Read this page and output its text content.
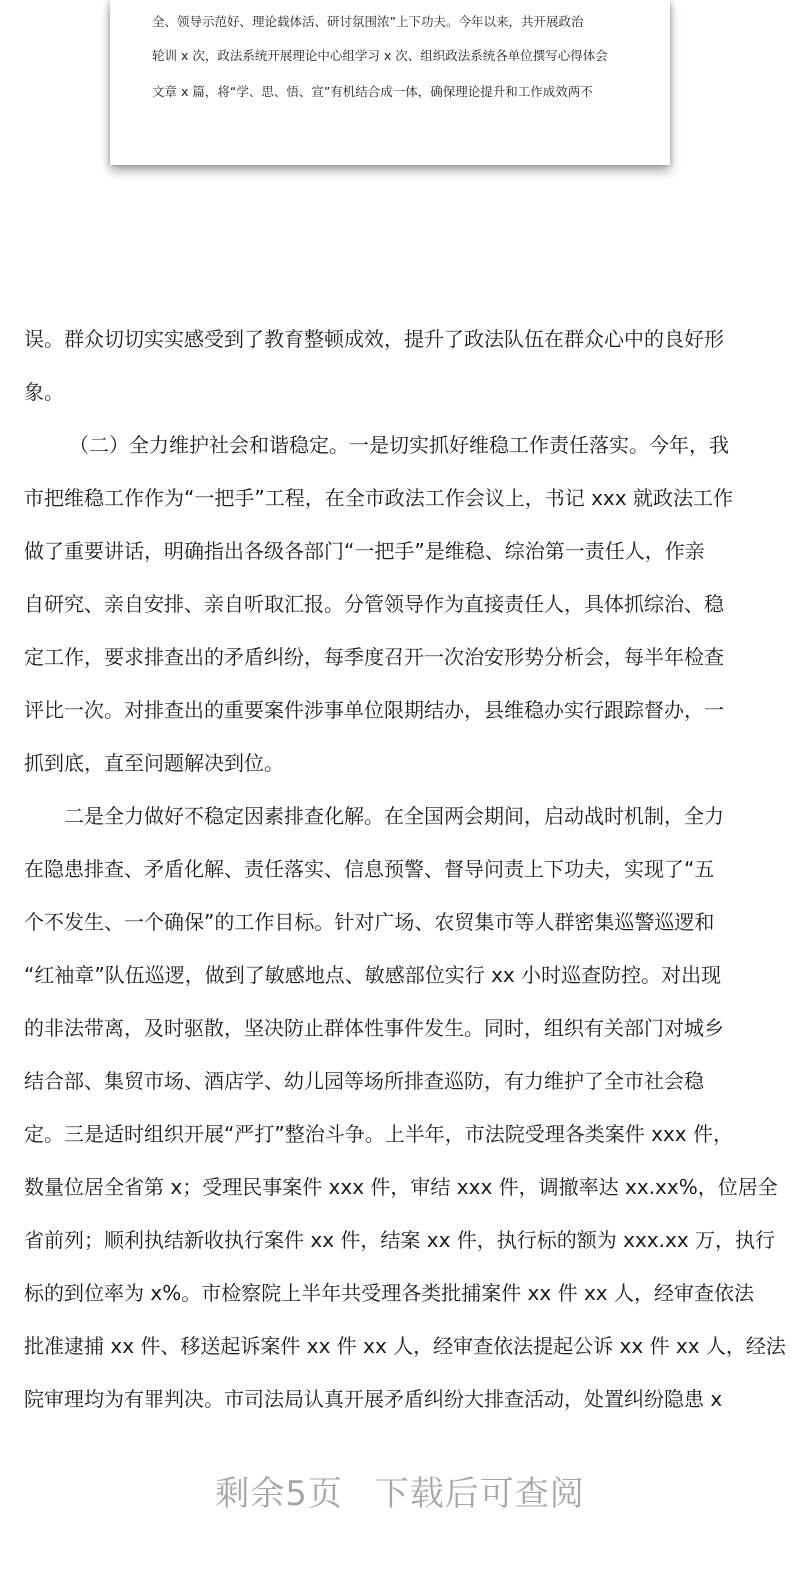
全、领导示范好、理论载体活、研讨氛围浓”上下功夫。今年以来，共开展政治
轮训 x 次，政法系统开展理论中心组学习 x 次、组织政法系统各单位撰写心得体会
文章 x 篇，将“学、思、悟、宣”有机结合成一体，确保理论提升和工作成效两不
误。群众切切实实感受到了教育整顿成效，提升了政法队伍在群众心中的良好形
象。
（二）全力维护社会和谐稳定。一是切实抓好维稳工作责任落实。今年，我
市把维稳工作作为“一把手”工程，在全市政法工作会议上，书记 xxx 就政法工作
做了重要讲话，明确指出各级各部门“一把手”是维稳、综治第一责任人，作亲
自研究、亲自安排、亲自听取汇报。分管领导作为直接责任人，具体抓综治、稳
定工作，要求排查出的矛盾纠纷，每季度召开一次治安形势分析会，每半年检查
评比一次。对排查出的重要案件涉事单位限期结办，县维稳办实行跟踪督办，一
抓到底，直至问题解决到位。
二是全力做好不稳定因素排查化解。在全国两会期间，启动战时机制，全力
在隐患排查、矛盾化解、责任落实、信息预警、督导问责上下功夫，实现了“五
个不发生、一个确保”的工作目标。针对广场、农贸集市等人群密集巡警巡逻和
“红袖章”队伍巡逻，做到了敏感地点、敏感部位实行 xx 小时巡查防控。对出现
的非法带离，及时驱散，坚决防止群体性事件发生。同时，组织有关部门对城乡
结合部、集贸市场、酒店学、幼儿园等场所排查巡防，有力维护了全市社会稳
定。三是适时组织开展“严打”整治斗争。上半年，市法院受理各类案件 xxx 件，
数量位居全省第 x；受理民事案件 xxx 件，审结 xxx 件，调撤率达 xx.xx%，位居全
省前列；顺利执结新收执行案件 xx 件，结案 xx 件，执行标的额为 xxx.xx 万，执行
标的到位率为 x%。市检察院上半年共受理各类批捕案件 xx 件 xx 人，经审查依法
批准逮捕 xx 件、移送起诉案件 xx 件 xx 人，经审查依法提起公诉 xx 件 xx 人，经法
院审理均为有罪判决。市司法局认真开展矛盾纠纷大排查活动，处置纠纷隐患 x
剩余5页 下载后可查阅
